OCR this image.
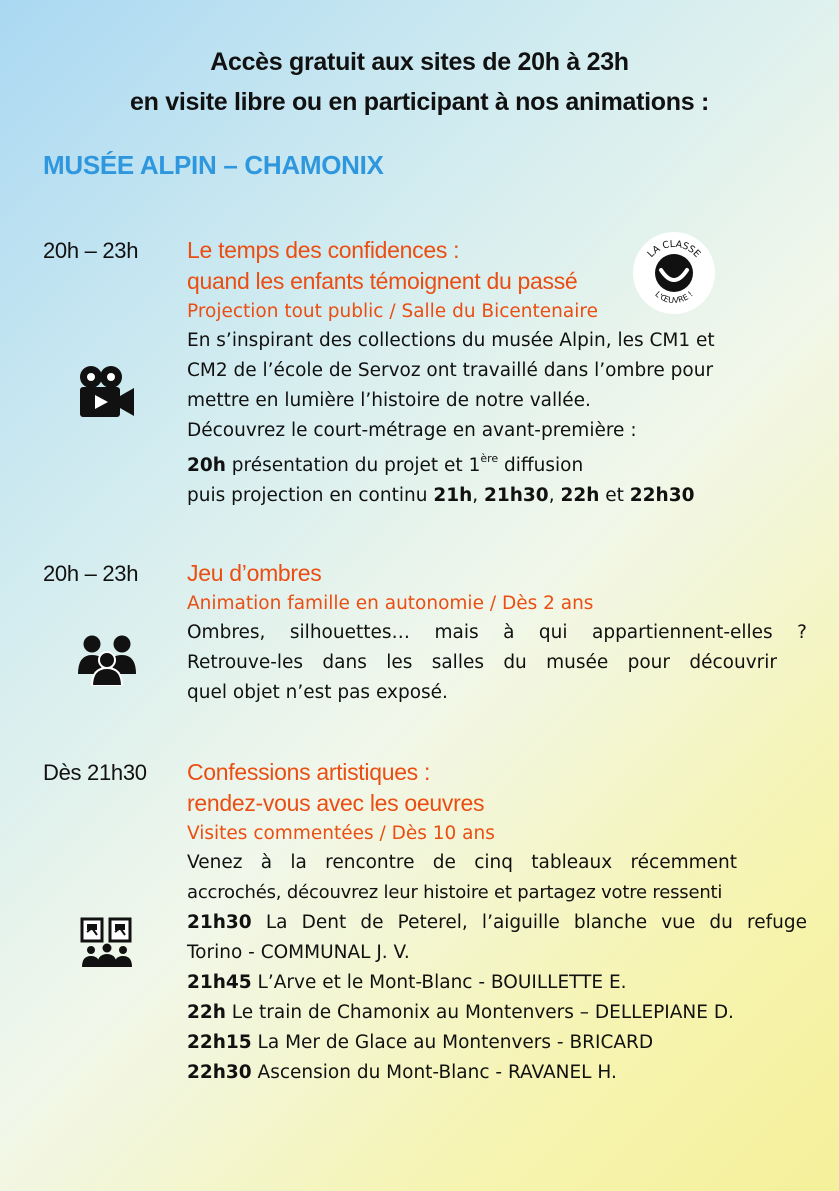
Accès gratuit aux sites de 20h à 23h
en visite libre ou en participant à nos animations :
MUSÉE ALPIN – CHAMONIX
LA CLASSE
L'ŒUVRE !
20h – 23h Le temps des confidences :
quand les enfants témoignent du passé
Projection tout public / Salle du Bicentenaire
En s’inspirant des collections du musée Alpin, les CM1 et
CM2 de l’école de Servoz ont travaillé dans l’ombre pour
mettre en lumière l’histoire de notre vallée.
Découvrez le court-métrage en avant-première :
20h présentation du projet et 1ère diffusion
puis projection en continu 21h, 21h30, 22h et 22h30
20h – 23h Jeu d’ombres
Animation famille en autonomie / Dès 2 ans
Ombres, silhouettes… mais à qui appartiennent-elles ?
Retrouve-les dans les salles du musée pour découvrir
quel objet n’est pas exposé.
Dès 21h30 Confessions artistiques :
rendez-vous avec les oeuvres
Visites commentées / Dès 10 ans
Venez à la rencontre de cinq tableaux récemment
accrochés, découvrez leur histoire et partagez votre ressenti
21h30 La Dent de Peterel, l’aiguille blanche vue du refuge
Torino - COMMUNAL J. V.
21h45 L’Arve et le Mont-Blanc - BOUILLETTE E.
22h Le train de Chamonix au Montenvers – DELLEPIANE D.
22h15 La Mer de Glace au Montenvers - BRICARD
22h30 Ascension du Mont-Blanc - RAVANEL H.
